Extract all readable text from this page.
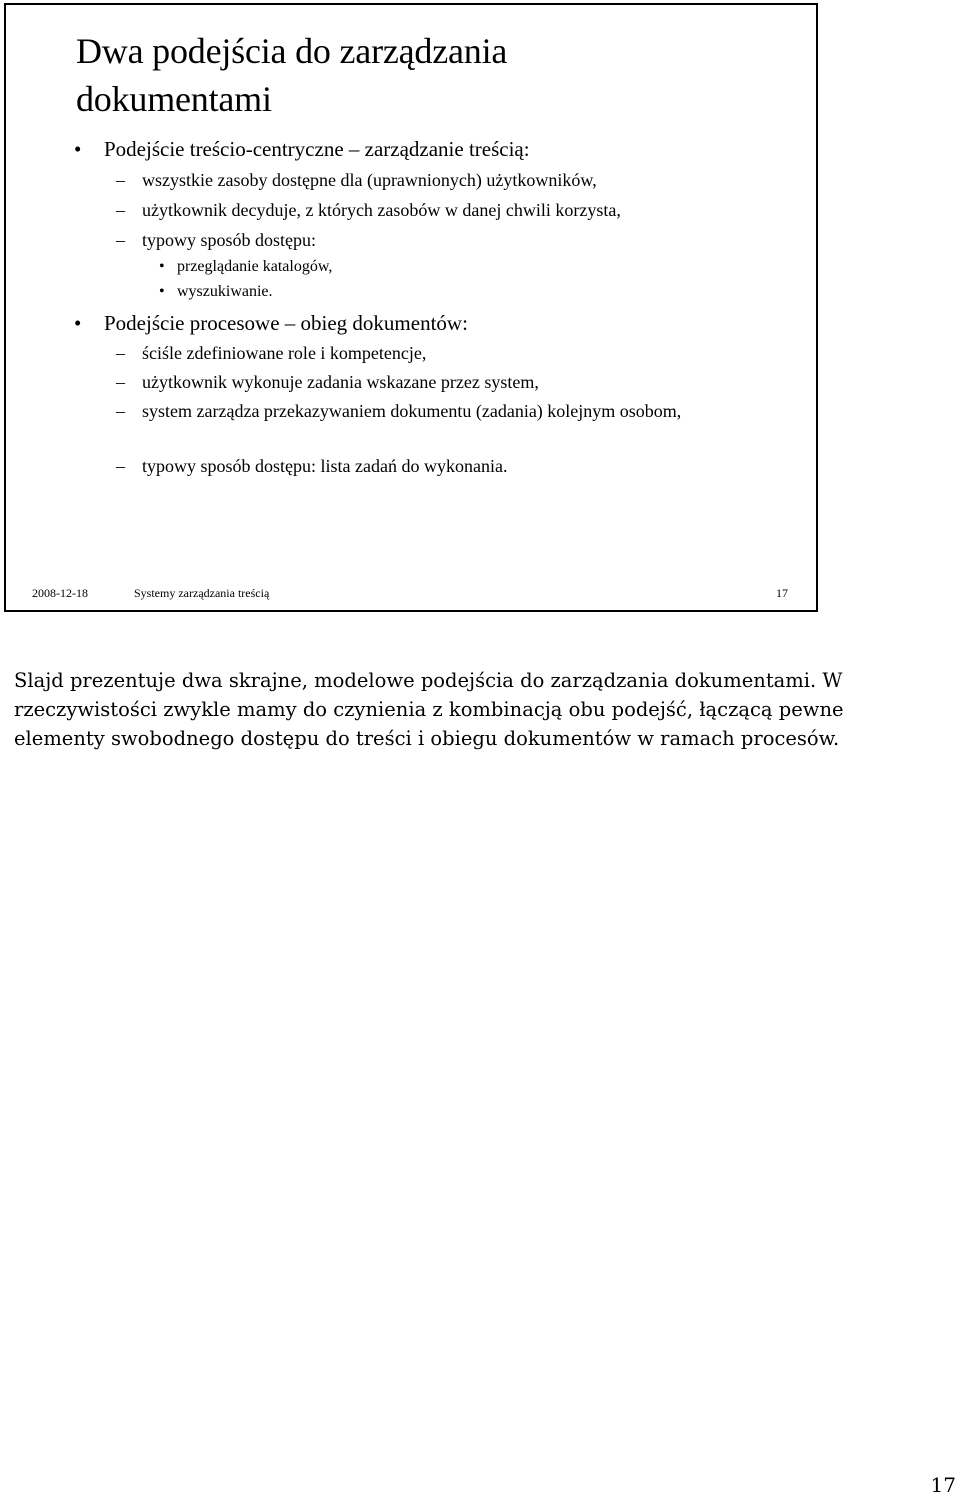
Dwa podejścia do zarządzania dokumentami
• Podejście treścio-centryczne – zarządzanie treścią:
– wszystkie zasoby dostępne dla (uprawnionych) użytkowników,
– użytkownik decyduje, z których zasobów w danej chwili korzysta,
– typowy sposób dostępu:
• przeglądanie katalogów,
• wyszukiwanie.
• Podejście procesowe – obieg dokumentów:
– ściśle zdefiniowane role i kompetencje,
– użytkownik wykonuje zadania wskazane przez system,
– system zarządza przekazywaniem dokumentu (zadania) kolejnym osobom,
– typowy sposób dostępu: lista zadań do wykonania.
2008-12-18	Systemy zarządzania treścią	17

Slajd prezentuje dwa skrajne, modelowe podejścia do zarządzania dokumentami. W rzeczywistości zwykle mamy do czynienia z kombinacją obu podejść, łączącą pewne elementy swobodnego dostępu do treści i obiegu dokumentów w ramach procesów.

17
